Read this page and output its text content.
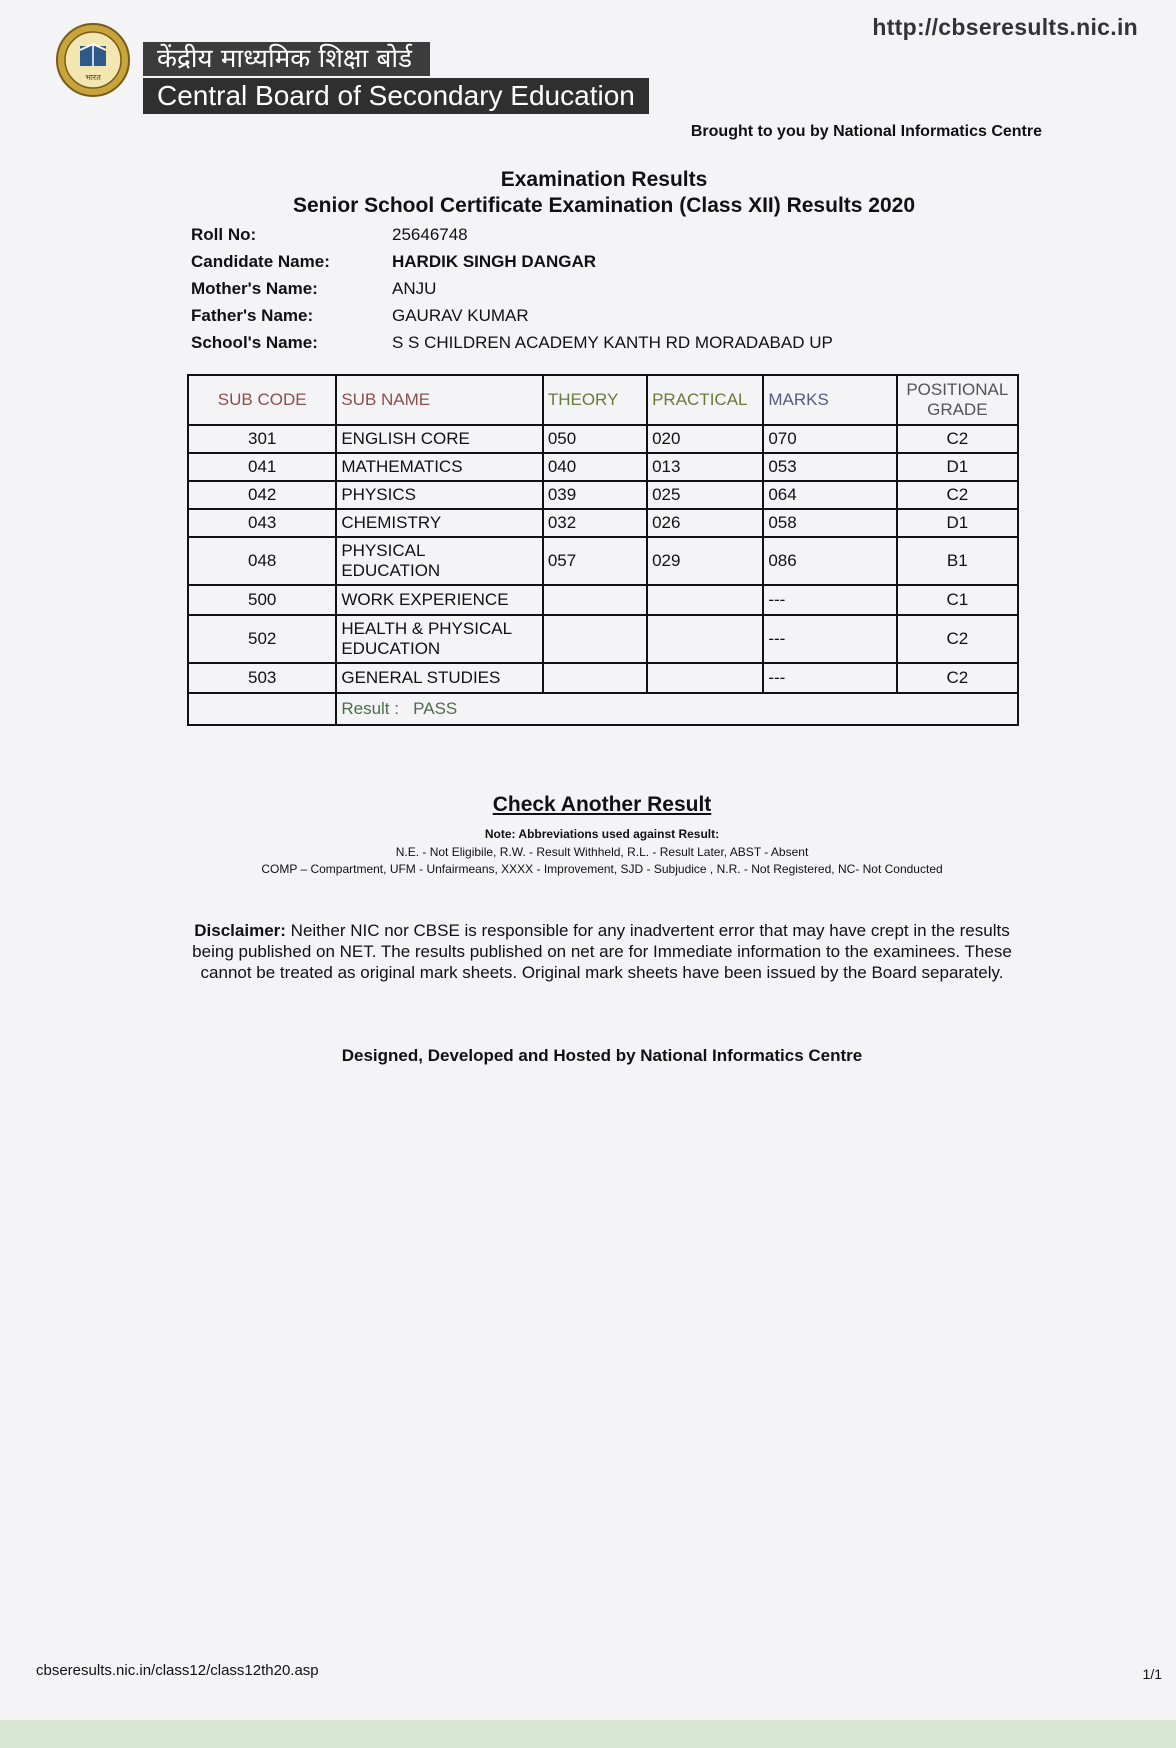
http://cbseresults.nic.in
भारत
केंद्रीय माध्यमिक शिक्षा बोर्ड
Central Board of Secondary Education
Brought to you by National Informatics Centre
Examination Results
Senior School Certificate Examination (Class XII) Results 2020
Roll No:	25646748
Candidate Name:	HARDIK SINGH DANGAR
Mother's Name:	ANJU
Father's Name:	GAURAV KUMAR
School's Name:	S S CHILDREN ACADEMY KANTH RD MORADABAD UP
SUB CODE	SUB NAME	THEORY	PRACTICAL	MARKS	POSITIONAL
GRADE
301	ENGLISH CORE	050	020	070	C2
041	MATHEMATICS	040	013	053	D1
042	PHYSICS	039	025	064	C2
043	CHEMISTRY	032	026	058	D1
048	PHYSICAL
EDUCATION	057	029	086	B1
500	WORK EXPERIENCE			---	C1
502	HEALTH & PHYSICAL
EDUCATION			---	C2
503	GENERAL STUDIES			---	C2
	Result : PASS				
Check Another Result
Note: Abbreviations used against Result:
N.E. - Not Eligibile, R.W. - Result Withheld, R.L. - Result Later, ABST - Absent
COMP – Compartment, UFM - Unfairmeans, XXXX - Improvement, SJD - Subjudice , N.R. - Not Registered, NC- Not Conducted
Disclaimer: Neither NIC nor CBSE is responsible for any inadvertent error that may have crept in the results being published on NET. The results published on net are for Immediate information to the examinees. These cannot be treated as original mark sheets. Original mark sheets have been issued by the Board separately.
Designed, Developed and Hosted by National Informatics Centre
cbseresults.nic.in/class12/class12th20.asp	1/1
